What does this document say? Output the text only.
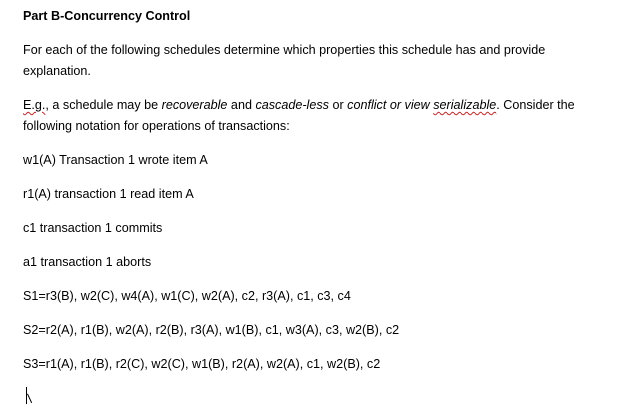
Part B-Concurrency Control
For each of the following schedules determine which properties this schedule has and provide
explanation.
E.g., a schedule may be recoverable and cascade-less or conflict or view serializable. Consider the
following notation for operations of transactions:
w1(A) Transaction 1 wrote item A
r1(A) transaction 1 read item A
c1 transaction 1 commits
a1 transaction 1 aborts
S1=r3(B), w2(C), w4(A), w1(C), w2(A), c2, r3(A), c1, c3, c4
S2=r2(A), r1(B), w2(A), r2(B), r3(A), w1(B), c1, w3(A), c3, w2(B), c2
S3=r1(A), r1(B), r2(C), w2(C), w1(B), r2(A), w2(A), c1, w2(B), c2
